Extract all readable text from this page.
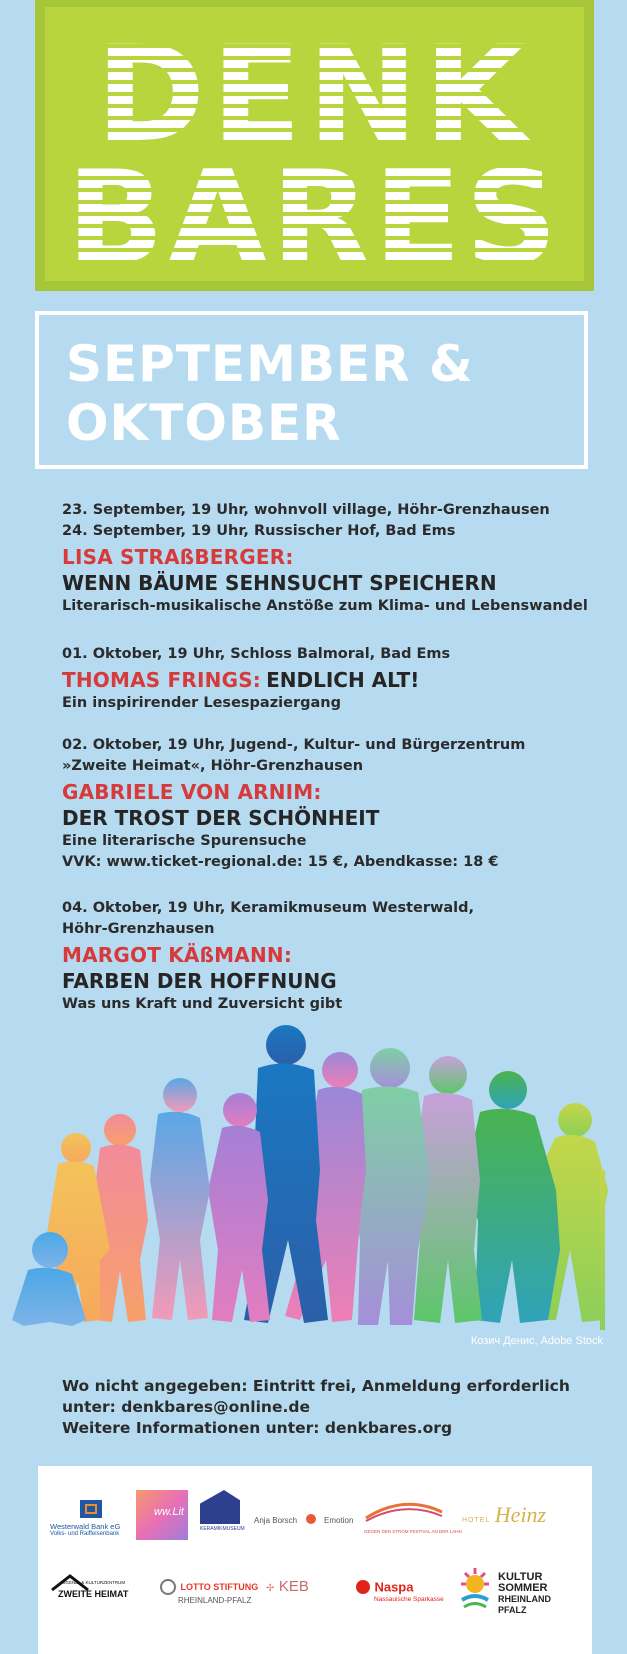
DENK
BARES
SEPTEMBER &
OKTOBER
23. September, 19 Uhr, wohnvoll village, Höhr-Grenzhausen
24. September, 19 Uhr, Russischer Hof, Bad Ems
LISA STRAßBERGER:
WENN BÄUME SEHNSUCHT SPEICHERN
Literarisch-musikalische Anstöße zum Klima- und Lebenswandel
01. Oktober, 19 Uhr, Schloss Balmoral, Bad Ems
THOMAS FRINGS: ENDLICH ALT!
Ein inspirirender Lesespaziergang
02. Oktober, 19 Uhr, Jugend-, Kultur- und Bürgerzentrum
»Zweite Heimat«, Höhr-Grenzhausen
GABRIELE VON ARNIM:
DER TROST DER SCHÖNHEIT
Eine literarische Spurensuche
VVK: www.ticket-regional.de: 15 €, Abendkasse: 18 €
04. Oktober, 19 Uhr, Keramikmuseum Westerwald,
Höhr-Grenzhausen
MARGOT KÄßMANN:
FARBEN DER HOFFNUNG
Was uns Kraft und Zuversicht gibt
Козич Денис, Adobe Stock
Wo nicht angegeben: Eintritt frei, Anmeldung erforderlich
unter: denkbares@online.de
Weitere Informationen unter: denkbares.org
Westerwald Bank eG
Volks- und Raiffeisenbank
ww.Lit
KERAMIKMUSEUM
Anja Borsch	Emotion
GEGEN DEN STROM FESTIVAL AN DER LAHN
HOTEL Heinz
JUGEND- & KULTURZENTRUM
ZWEITE HEIMAT
LOTTO STIFTUNG
RHEINLAND-PFALZ
✢ KEB	Naspa
Nassauische Sparkasse
KULTUR
SOMMER
RHEINLAND
PFALZ
